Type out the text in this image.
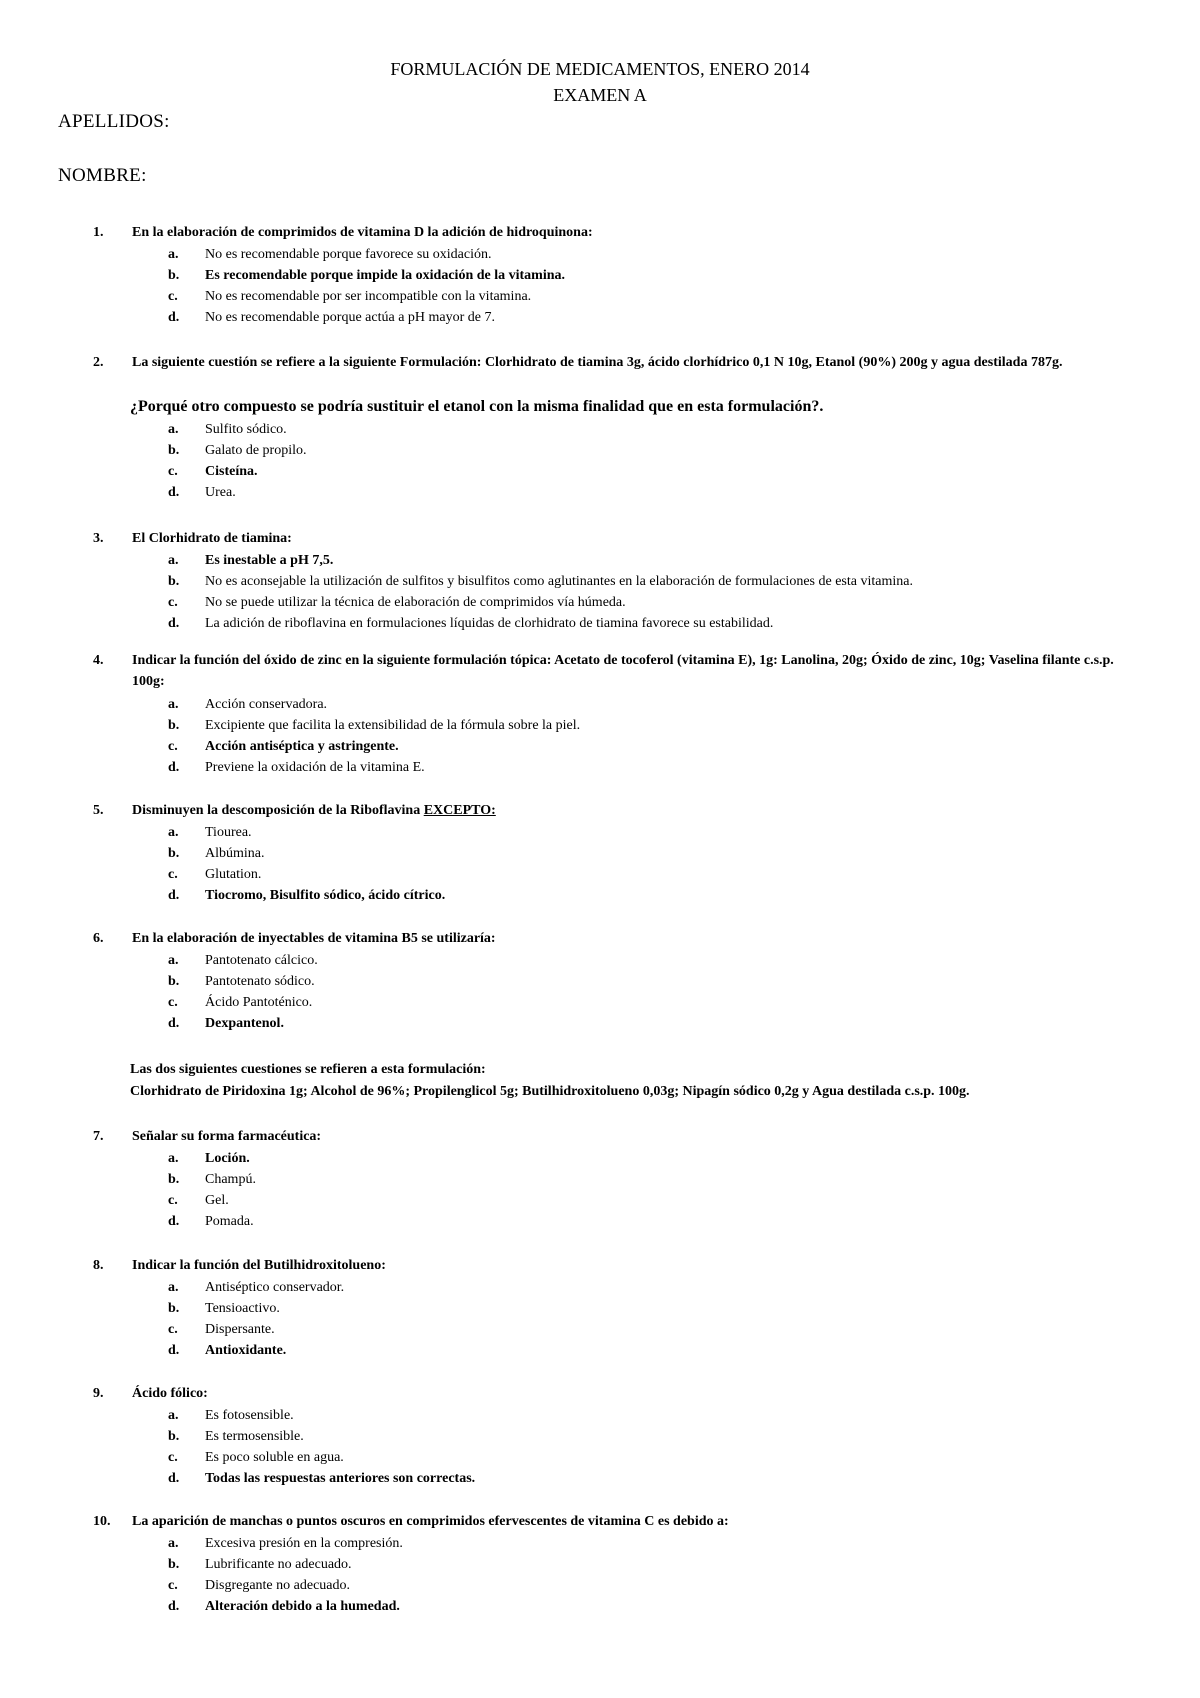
FORMULACIÓN DE MEDICAMENTOS, ENERO 2014
EXAMEN A
APELLIDOS:
NOMBRE:
1. En la elaboración de comprimidos de vitamina D la adición de hidroquinona:
a. No es recomendable porque favorece su oxidación.
b. Es recomendable porque impide la oxidación de la vitamina.
c. No es recomendable por ser incompatible con la vitamina.
d. No es recomendable porque actúa a pH mayor de 7.
2. La siguiente cuestión se refiere a la siguiente Formulación: Clorhidrato de tiamina 3g, ácido clorhídrico 0,1 N 10g, Etanol (90%) 200g y agua destilada 787g.
¿Porqué otro compuesto se podría sustituir el etanol con la misma finalidad que en esta formulación?.
a. Sulfito sódico.
b. Galato de propilo.
c. Cisteína.
d. Urea.
3. El Clorhidrato de tiamina:
a. Es inestable a pH 7,5.
b. No es aconsejable la utilización de sulfitos y bisulfitos como aglutinantes en la elaboración de formulaciones de esta vitamina.
c. No se puede utilizar la técnica de elaboración de comprimidos vía húmeda.
d. La adición de riboflavina en formulaciones líquidas de clorhidrato de tiamina favorece su estabilidad.
4. Indicar la función del óxido de zinc en la siguiente formulación tópica: Acetato de tocoferol (vitamina E), 1g: Lanolina, 20g; Óxido de zinc, 10g; Vaselina filante c.s.p. 100g:
a. Acción conservadora.
b. Excipiente que facilita la extensibilidad de la fórmula sobre la piel.
c. Acción antiséptica y astringente.
d. Previene la oxidación de la vitamina E.
5. Disminuyen la descomposición de la Riboflavina EXCEPTO:
a. Tiourea.
b. Albúmina.
c. Glutation.
d. Tiocromo, Bisulfito sódico, ácido cítrico.
6. En la elaboración de inyectables de vitamina B5 se utilizaría:
a. Pantotenato cálcico.
b. Pantotenato sódico.
c. Ácido Pantoténico.
d. Dexpantenol.
7. Señalar su forma farmacéutica:
a. Loción.
b. Champú.
c. Gel.
d. Pomada.
8. Indicar la función del Butilhidroxitolueno:
a. Antiséptico conservador.
b. Tensioactivo.
c. Dispersante.
d. Antioxidante.
9. Ácido fólico:
a. Es fotosensible.
b. Es termosensible.
c. Es poco soluble en agua.
d. Todas las respuestas anteriores son correctas.
10. La aparición de manchas o puntos oscuros en comprimidos efervescentes de vitamina C es debido a:
a. Excesiva presión en la compresión.
b. Lubrificante no adecuado.
c. Disgregante no adecuado.
d. Alteración debido a la humedad.
Las dos siguientes cuestiones se refieren a esta formulación:
Clorhidrato de Piridoxina 1g; Alcohol de 96%; Propilenglicol 5g; Butilhidroxitolueno 0,03g; Nipagín sódico 0,2g y Agua destilada c.s.p. 100g.
